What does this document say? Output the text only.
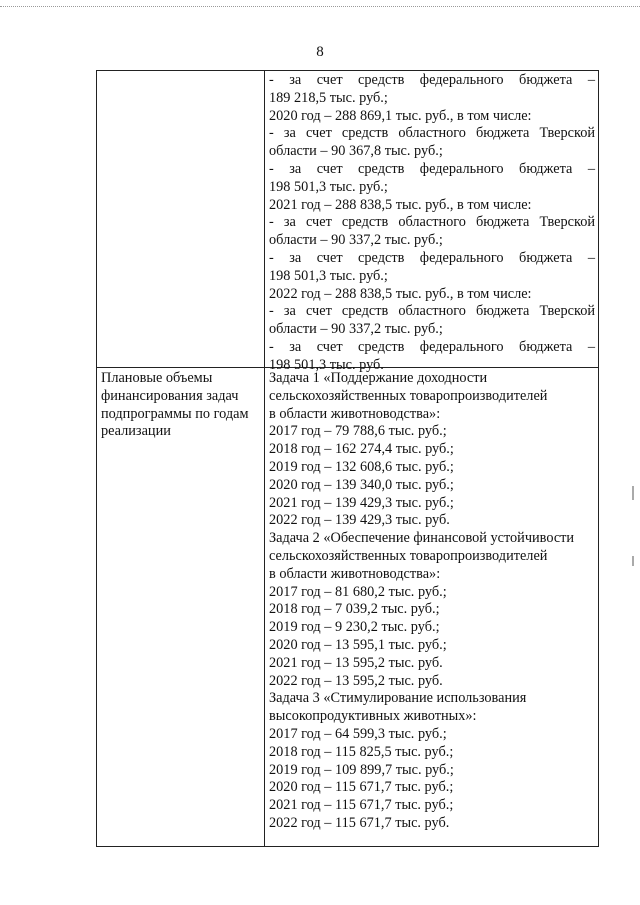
8
- за счет средств федерального бюджета –
189 218,5 тыс. руб.;
2020 год – 288 869,1 тыс. руб., в том числе:
- за счет средств областного бюджета Тверской
области – 90 367,8 тыс. руб.;
- за счет средств федерального бюджета –
198 501,3 тыс. руб.;
2021 год – 288 838,5 тыс. руб., в том числе:
- за счет средств областного бюджета Тверской
области – 90 337,2 тыс. руб.;
- за счет средств федерального бюджета –
198 501,3 тыс. руб.;
2022 год – 288 838,5 тыс. руб., в том числе:
- за счет средств областного бюджета Тверской
области – 90 337,2 тыс. руб.;
- за счет средств федерального бюджета –
198 501,3 тыс. руб.
Плановые объемы
финансирования задач
подпрограммы по годам
реализации
Задача 1 «Поддержание доходности
сельскохозяйственных товаропроизводителей
в области животноводства»:
2017 год – 79 788,6 тыс. руб.;
2018 год – 162 274,4 тыс. руб.;
2019 год – 132 608,6 тыс. руб.;
2020 год – 139 340,0 тыс. руб.;
2021 год – 139 429,3 тыс. руб.;
2022 год – 139 429,3 тыс. руб.
Задача 2 «Обеспечение финансовой устойчивости
сельскохозяйственных товаропроизводителей
в области животноводства»:
2017 год – 81 680,2 тыс. руб.;
2018 год – 7 039,2 тыс. руб.;
2019 год – 9 230,2 тыс. руб.;
2020 год – 13 595,1 тыс. руб.;
2021 год – 13 595,2 тыс. руб.
2022 год – 13 595,2 тыс. руб.
Задача 3 «Стимулирование использования
высокопродуктивных животных»:
2017 год – 64 599,3 тыс. руб.;
2018 год – 115 825,5 тыс. руб.;
2019 год – 109 899,7 тыс. руб.;
2020 год – 115 671,7 тыс. руб.;
2021 год – 115 671,7 тыс. руб.;
2022 год – 115 671,7 тыс. руб.
